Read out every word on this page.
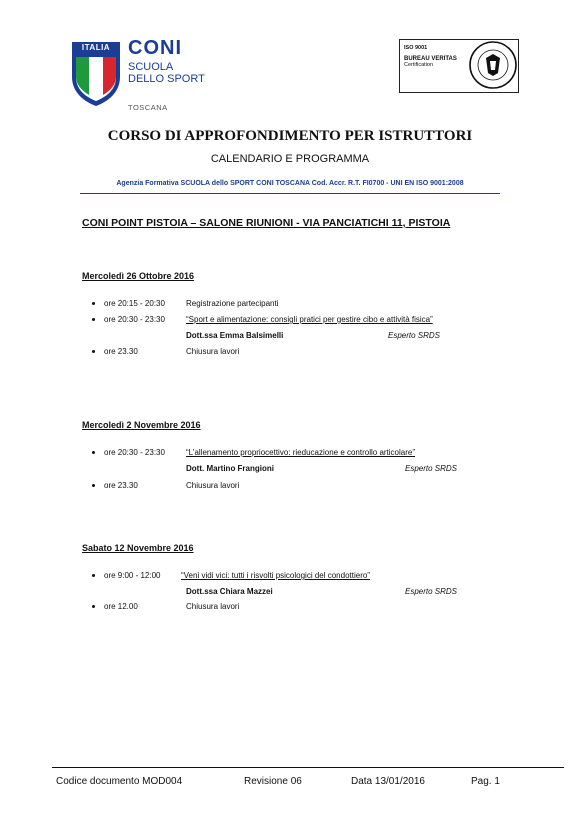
ITALIA CONI
SCUOLA
DELLO SPORT
TOSCANA
ISO 9001
BUREAU VERITAS
Certification
CORSO DI APPROFONDIMENTO PER ISTRUTTORI
CALENDARIO E PROGRAMMA
Agenzia Formativa SCUOLA dello SPORT CONI TOSCANA Cod. Accr. R.T. FI0700 - UNI EN ISO 9001:2008
CONI POINT PISTOIA – SALONE RIUNIONI - VIA PANCIATICHI 11, PISTOIA
Mercoledì 26 Ottobre 2016
ore 20:15 - 20:30	Registrazione partecipanti
ore 20:30 - 23:30	“Sport e alimentazione: consigli pratici per gestire cibo e attività fisica”
Dott.ssa Emma Balsimelli	Esperto SRDS
ore 23.30	Chiusura lavori
Mercoledì 2 Novembre 2016
ore 20:30 - 23:30	“L’allenamento propriocettivo: rieducazione e controllo articolare”
Dott. Martino Frangioni	Esperto SRDS
ore 23.30	Chiusura lavori
Sabato 12 Novembre 2016
ore 9:00 - 12:00	“Veni vidi vici: tutti i risvolti psicologici del condottiero”
Dott.ssa Chiara Mazzei	Esperto SRDS
ore 12.00	Chiusura lavori
Codice documento MOD004	Revisione 06	Data 13/01/2016	Pag. 1
